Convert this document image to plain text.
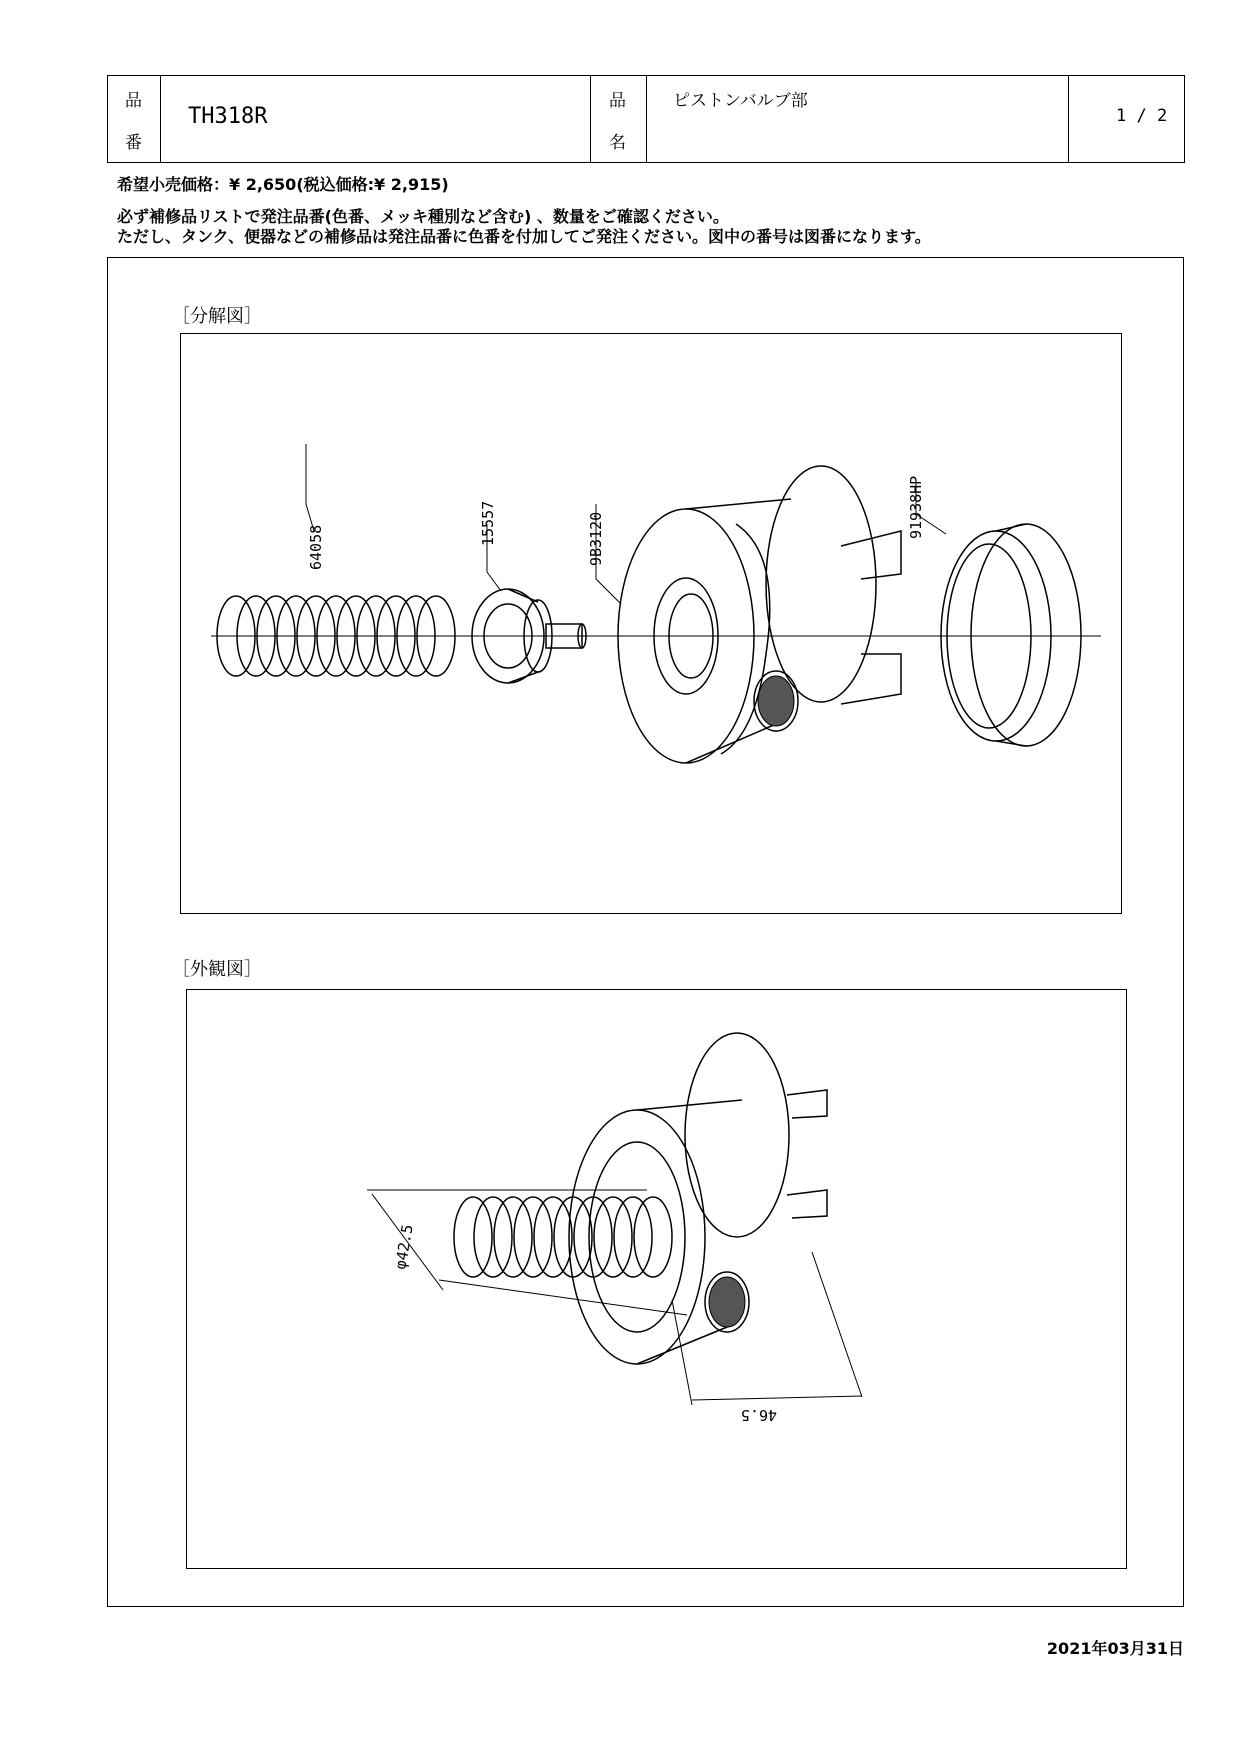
品
番
TH318R
品
名
ピストンバルブ部
1 / 2
希望小売価格：¥ 2,650(税込価格:¥ 2,915)
必ず補修品リストで発注品番(色番、メッキ種別など含む) 、数量をご確認ください。
ただし、タンク、便器などの補修品は発注品番に色番を付加してご発注ください。図中の番号は図番になります。
［分解図］
64058
15557	9B3120	91938HP
［外観図］
φ42.5
46.5
2021年03月31日
